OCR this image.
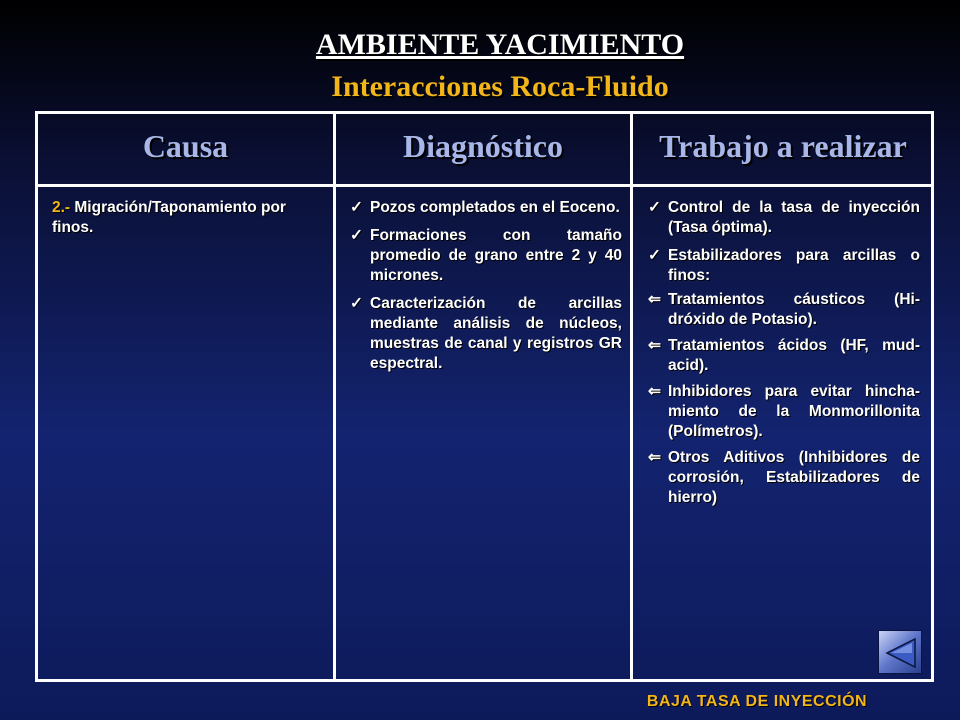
AMBIENTE YACIMIENTO
Interacciones Roca-Fluido
Causa	Diagnóstico	Trabajo a realizar
2.- Migración/Taponamiento por finos.
✓ Pozos completados en el Eoceno.
✓ Formaciones con tamaño promedio de grano entre 2 y 40 micrones.
✓ Caracterización de arcillas mediante análisis de núcleos, muestras de canal y registros GR espectral.
✓ Control de la tasa de inyección (Tasa óptima).
✓ Estabilizadores para arcillas o finos:
⇐ Tratamientos cáusticos (Hi-dróxido de Potasio).
⇐ Tratamientos ácidos (HF, mud-acid).
⇐ Inhibidores para evitar hincha-miento de la Monmorillonita (Polímetros).
⇐ Otros Aditivos (Inhibidores de corrosión, Estabilizadores de hierro)
BAJA TASA DE INYECCIÓN
